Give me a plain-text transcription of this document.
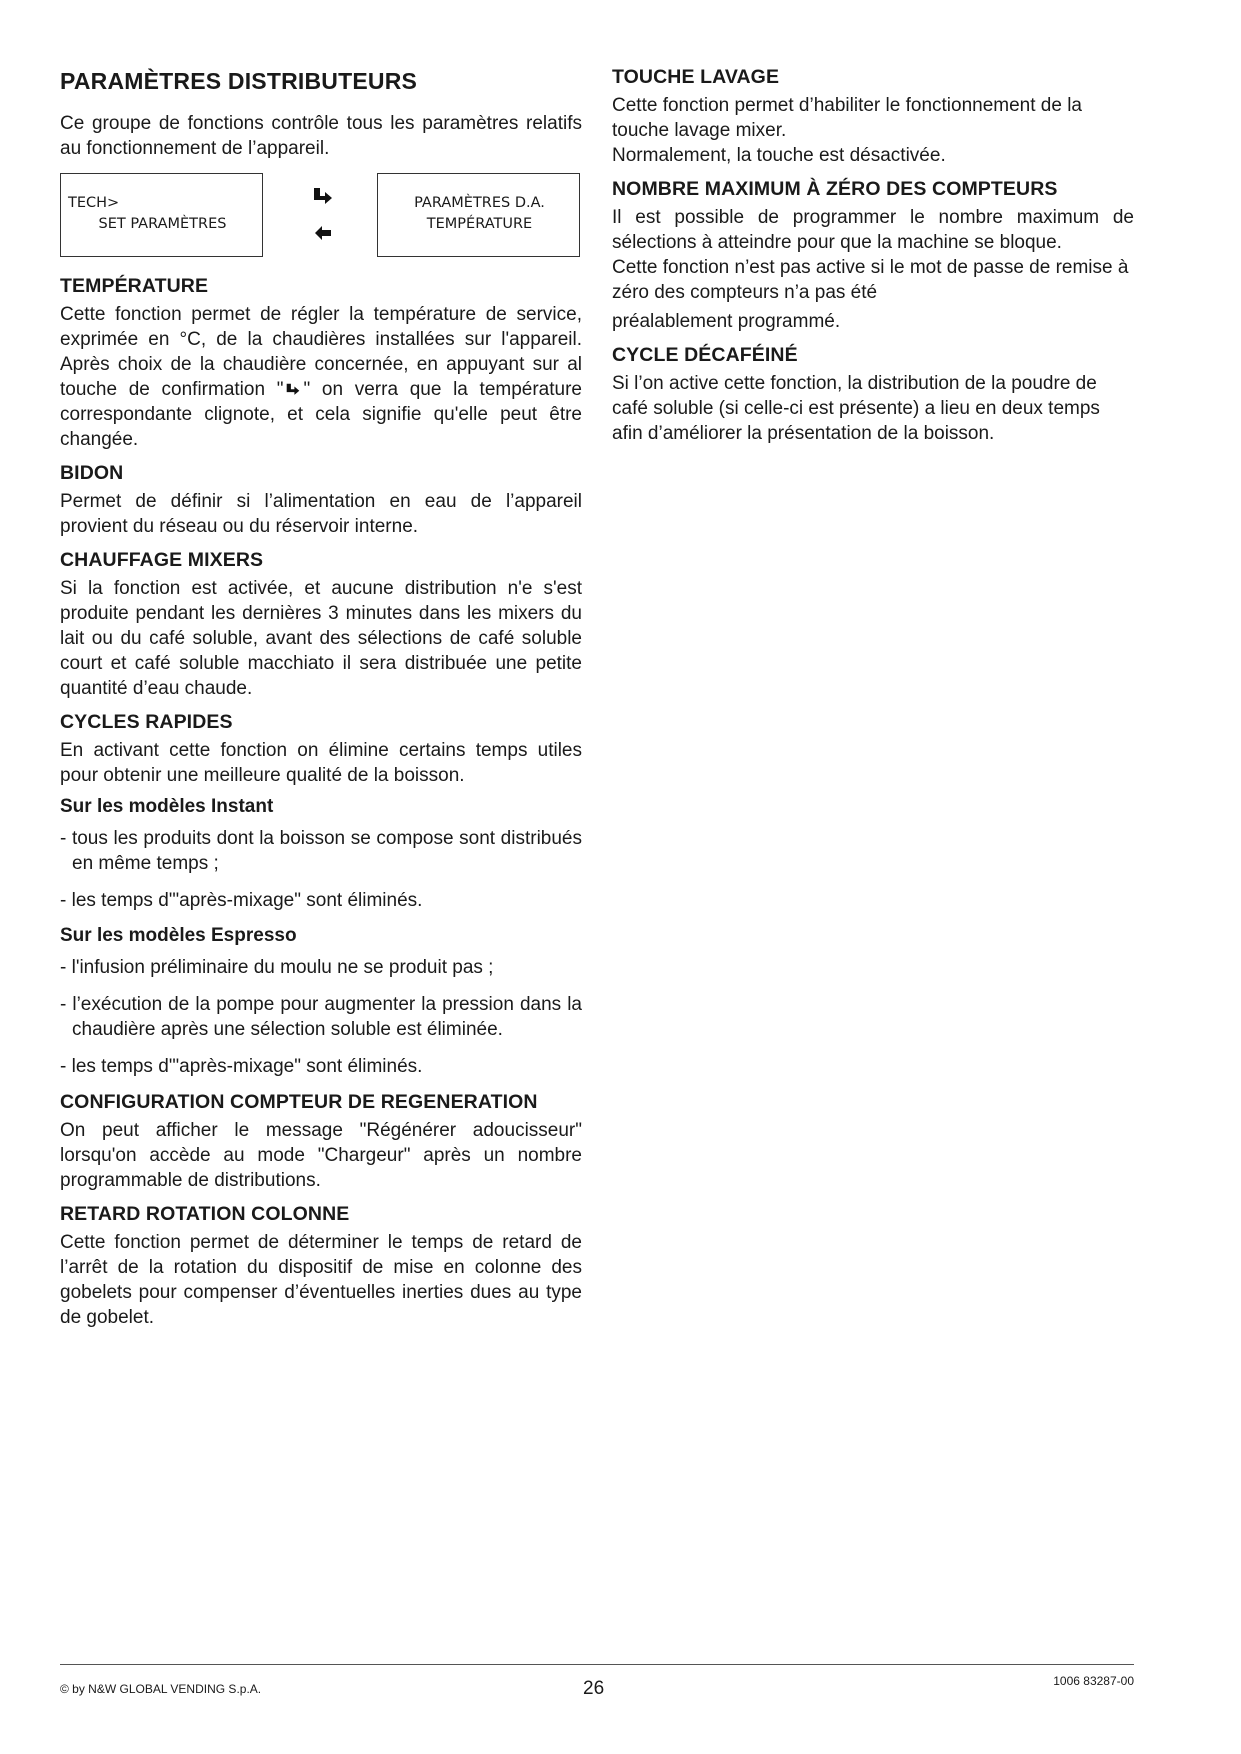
PARAMÈTRES DISTRIBUTEURS

Ce groupe de fonctions contrôle tous les paramètres relatifs au fonctionnement de l’appareil.

TECH>
SET PARAMÈTRES
PARAMÈTRES D.A.
TEMPÉRATURE
TEMPÉRATURE

Cette fonction permet de régler la température de service, exprimée en °C, de la chaudières installées sur l'appareil. Après choix de la chaudière concernée, en appuyant sur al touche de confirmation " " on verra que la température correspondante clignote, et cela signifie qu'elle peut être changée.

BIDON

Permet de définir si l’alimentation en eau de l’appareil provient du réseau ou du réservoir interne.

CHAUFFAGE MIXERS

Si la fonction est activée, et aucune distribution n'e s'est produite pendant les dernières 3 minutes dans les mixers du lait ou du café soluble, avant des sélections de café soluble court et café soluble macchiato il sera distribuée une petite quantité d’eau chaude.

CYCLES RAPIDES

En activant cette fonction on élimine certains temps utiles pour obtenir une meilleure qualité de la boisson.

Sur les modèles Instant
- tous les produits dont la boisson se compose sont distribués en même temps ;
- les temps d'"après-mixage" sont éliminés.
Sur les modèles Espresso
- l'infusion préliminaire du moulu ne se produit pas ;
- l’exécution de la pompe pour augmenter la pression dans la chaudière après une sélection soluble est éliminée.
- les temps d'"après-mixage" sont éliminés.
CONFIGURATION COMPTEUR DE REGENERATION

On peut afficher le message "Régénérer adoucisseur" lorsqu'on accède au mode "Chargeur" après un nombre programmable de distributions.

RETARD ROTATION COLONNE

Cette fonction permet de déterminer le temps de retard de l’arrêt de la rotation du dispositif de mise en colonne des gobelets pour compenser d’éventuelles inerties dues au type de gobelet.

TOUCHE LAVAGE

Cette fonction permet d’habiliter le fonctionnement de la touche lavage mixer.

Normalement, la touche est désactivée.

NOMBRE MAXIMUM À ZÉRO DES COMPTEURS

Il est possible de programmer le nombre maximum de sélections à atteindre pour que la machine se bloque.

Cette fonction n’est pas active si le mot de passe de remise à zéro des compteurs n’a pas été

préalablement programmé.

CYCLE DÉCAFÉINÉ

Si l’on active cette fonction, la distribution de la poudre de café soluble (si celle-ci est présente) a lieu en deux temps afin d’améliorer la présentation de la boisson.

© by N&W GLOBAL VENDING S.p.A.	26	1006 83287-00
